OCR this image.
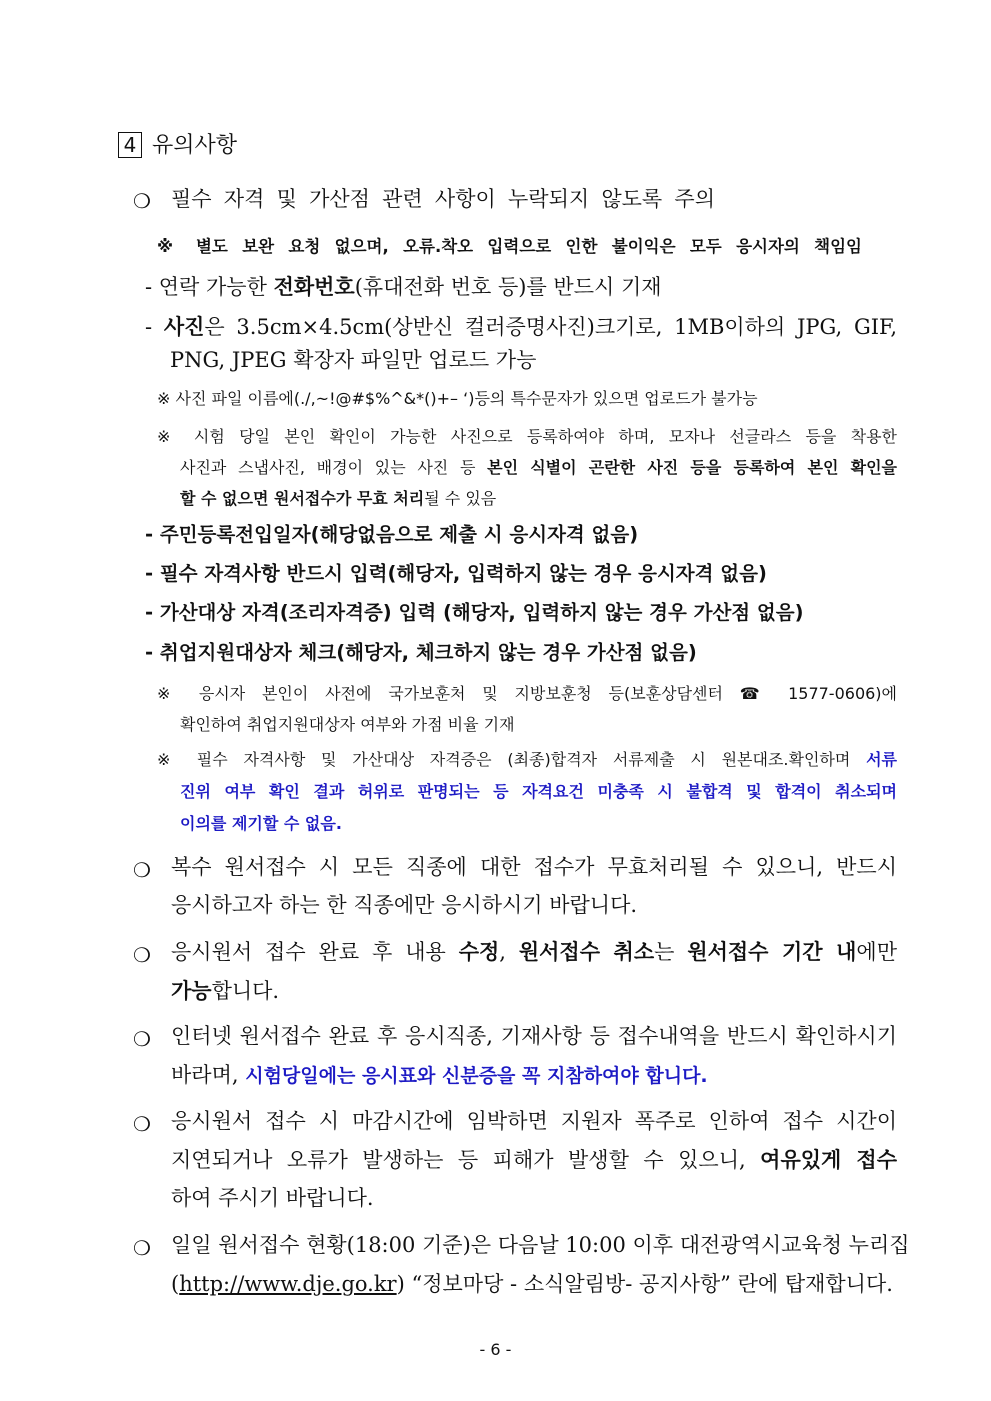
4 유의사항
❍ 필수 자격 및 가산점 관련 사항이 누락되지 않도록 주의
※ 별도 보완 요청 없으며, 오류.착오 입력으로 인한 불이익은 모두 응시자의 책임임
- 연락 가능한 전화번호(휴대전화 번호 등)를 반드시 기재
- 사진은 3.5cm×4.5cm(상반신 컬러증명사진)크기로, 1MB이하의 JPG, GIF,
PNG, JPEG 확장자 파일만 업로드 가능
※ 사진 파일 이름에(./,~!@#$%^&*()+– ‘)등의 특수문자가 있으면 업로드가 불가능
※ 시험 당일 본인 확인이 가능한 사진으로 등록하여야 하며, 모자나 선글라스 등을 착용한
사진과 스냅사진, 배경이 있는 사진 등 본인 식별이 곤란한 사진 등을 등록하여 본인 확인을
할 수 없으면 원서접수가 무효 처리될 수 있음
- 주민등록전입일자(해당없음으로 제출 시 응시자격 없음)
- 필수 자격사항 반드시 입력(해당자, 입력하지 않는 경우 응시자격 없음)
- 가산대상 자격(조리자격증) 입력 (해당자, 입력하지 않는 경우 가산점 없음)
- 취업지원대상자 체크(해당자, 체크하지 않는 경우 가산점 없음)
※ 응시자 본인이 사전에 국가보훈처 및 지방보훈청 등(보훈상담센터 ☎ 1577-0606)에
확인하여 취업지원대상자 여부와 가점 비율 기재
※ 필수 자격사항 및 가산대상 자격증은 (최종)합격자 서류제출 시 원본대조.확인하며 서류
진위 여부 확인 결과 허위로 판명되는 등 자격요건 미충족 시 불합격 및 합격이 취소되며
이의를 제기할 수 없음.
❍ 복수 원서접수 시 모든 직종에 대한 접수가 무효처리될 수 있으니, 반드시
응시하고자 하는 한 직종에만 응시하시기 바랍니다.
❍ 응시원서 접수 완료 후 내용 수정, 원서접수 취소는 원서접수 기간 내에만
가능합니다.
❍ 인터넷 원서접수 완료 후 응시직종, 기재사항 등 접수내역을 반드시 확인하시기
바라며, 시험당일에는 응시표와 신분증을 꼭 지참하여야 합니다.
❍ 응시원서 접수 시 마감시간에 임박하면 지원자 폭주로 인하여 접수 시간이
지연되거나 오류가 발생하는 등 피해가 발생할 수 있으니, 여유있게 접수
하여 주시기 바랍니다.
❍ 일일 원서접수 현황(18:00 기준)은 다음날 10:00 이후 대전광역시교육청 누리집
(http://www.dje.go.kr) “정보마당 - 소식알림방- 공지사항” 란에 탑재합니다.
- 6 -
